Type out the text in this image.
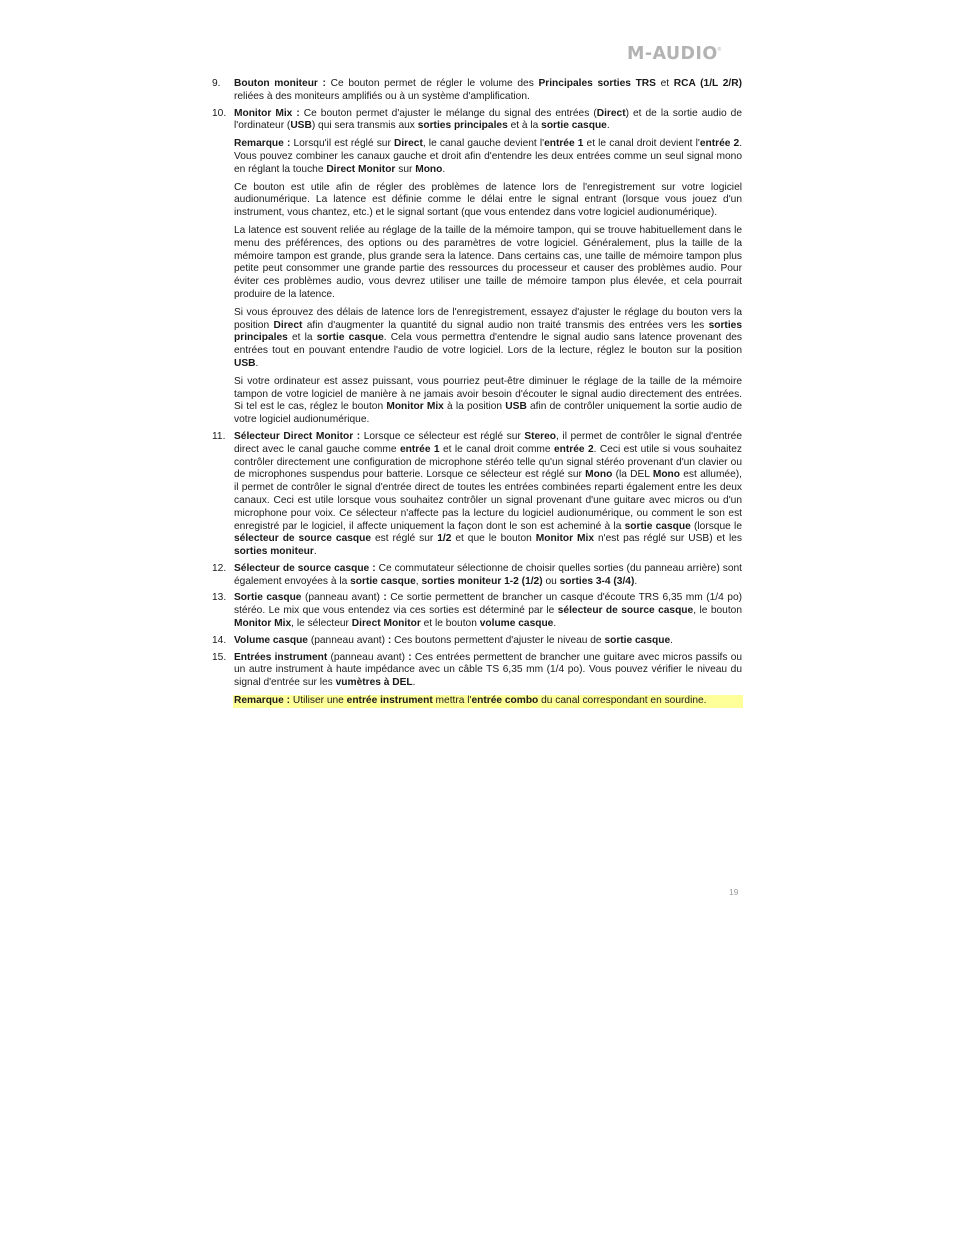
M-AUDIO®
9. Bouton moniteur : Ce bouton permet de régler le volume des Principales sorties TRS et RCA (1/L 2/R) reliées à des moniteurs amplifiés ou à un système d'amplification.

10. Monitor Mix : Ce bouton permet d'ajuster le mélange du signal des entrées (Direct) et de la sortie audio de l'ordinateur (USB) qui sera transmis aux sorties principales et à la sortie casque.

Remarque : Lorsqu'il est réglé sur Direct, le canal gauche devient l'entrée 1 et le canal droit devient l'entrée 2. Vous pouvez combiner les canaux gauche et droit afin d'entendre les deux entrées comme un seul signal mono en réglant la touche Direct Monitor sur Mono.

Ce bouton est utile afin de régler des problèmes de latence lors de l'enregistrement sur votre logiciel audionumérique. La latence est définie comme le délai entre le signal entrant (lorsque vous jouez d'un instrument, vous chantez, etc.) et le signal sortant (que vous entendez dans votre logiciel audionumérique).

La latence est souvent reliée au réglage de la taille de la mémoire tampon, qui se trouve habituellement dans le menu des préférences, des options ou des paramètres de votre logiciel. Généralement, plus la taille de la mémoire tampon est grande, plus grande sera la latence. Dans certains cas, une taille de mémoire tampon plus petite peut consommer une grande partie des ressources du processeur et causer des problèmes audio. Pour éviter ces problèmes audio, vous devrez utiliser une taille de mémoire tampon plus élevée, et cela pourrait produire de la latence.

Si vous éprouvez des délais de latence lors de l'enregistrement, essayez d'ajuster le réglage du bouton vers la position Direct afin d'augmenter la quantité du signal audio non traité transmis des entrées vers les sorties principales et la sortie casque. Cela vous permettra d'entendre le signal audio sans latence provenant des entrées tout en pouvant entendre l'audio de votre logiciel. Lors de la lecture, réglez le bouton sur la position USB.

Si votre ordinateur est assez puissant, vous pourriez peut-être diminuer le réglage de la taille de la mémoire tampon de votre logiciel de manière à ne jamais avoir besoin d'écouter le signal audio directement des entrées. Si tel est le cas, réglez le bouton Monitor Mix à la position USB afin de contrôler uniquement la sortie audio de votre logiciel audionumérique.

11. Sélecteur Direct Monitor : Lorsque ce sélecteur est réglé sur Stereo, il permet de contrôler le signal d'entrée direct avec le canal gauche comme entrée 1 et le canal droit comme entrée 2. Ceci est utile si vous souhaitez contrôler directement une configuration de microphone stéréo telle qu'un signal stéréo provenant d'un clavier ou de microphones suspendus pour batterie. Lorsque ce sélecteur est réglé sur Mono (la DEL Mono est allumée), il permet de contrôler le signal d'entrée direct de toutes les entrées combinées reparti également entre les deux canaux. Ceci est utile lorsque vous souhaitez contrôler un signal provenant d'une guitare avec micros ou d'un microphone pour voix. Ce sélecteur n'affecte pas la lecture du logiciel audionumérique, ou comment le son est enregistré par le logiciel, il affecte uniquement la façon dont le son est acheminé à la sortie casque (lorsque le sélecteur de source casque est réglé sur 1/2 et que le bouton Monitor Mix n'est pas réglé sur USB) et les sorties moniteur.

12. Sélecteur de source casque : Ce commutateur sélectionne de choisir quelles sorties (du panneau arrière) sont également envoyées à la sortie casque, sorties moniteur 1-2 (1/2) ou sorties 3-4 (3/4).

13. Sortie casque (panneau avant) : Ce sortie permettent de brancher un casque d'écoute TRS 6,35 mm (1/4 po) stéréo. Le mix que vous entendez via ces sorties est déterminé par le sélecteur de source casque, le bouton Monitor Mix, le sélecteur Direct Monitor et le bouton volume casque.

14. Volume casque (panneau avant) : Ces boutons permettent d'ajuster le niveau de sortie casque.

15. Entrées instrument (panneau avant) : Ces entrées permettent de brancher une guitare avec micros passifs ou un autre instrument à haute impédance avec un câble TS 6,35 mm (1/4 po). Vous pouvez vérifier le niveau du signal d'entrée sur les vumètres à DEL.

Remarque : Utiliser une entrée instrument mettra l'entrée combo du canal correspondant en sourdine.

19
